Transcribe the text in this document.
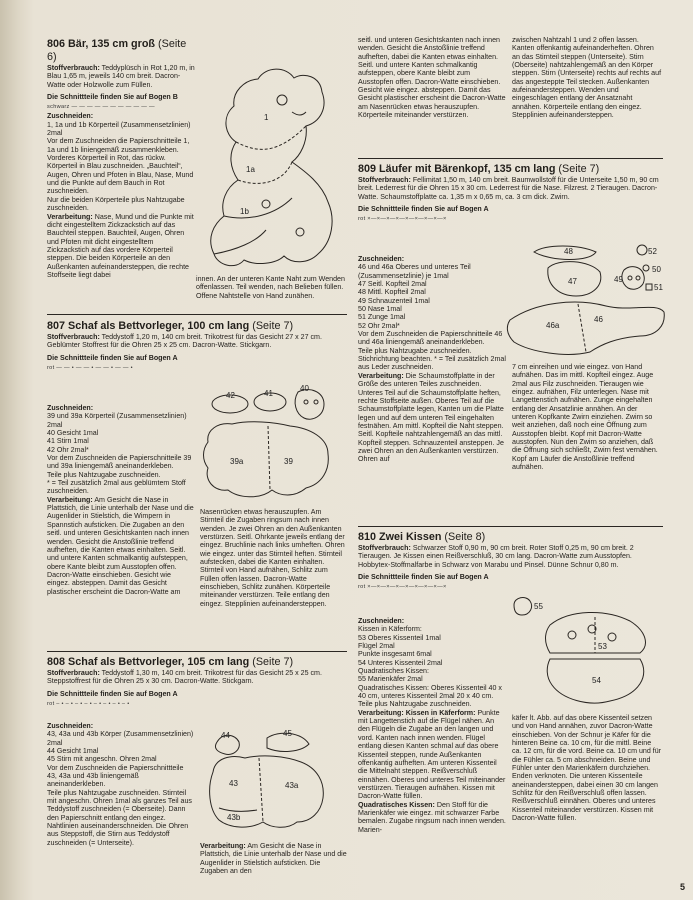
806 Bär, 135 cm groß (Seite 6)

Stoffverbrauch: Teddyplüsch in Rot 1,20 m, in Blau 1,65 m, jeweils 140 cm breit. Dacron-Watte oder Holzwolle zum Füllen.

Die Schnittteile finden Sie auf Bogen B
schwarz — — — — — — — — — — —

Zuschneiden:

1, 1a und 1b Körperteil (Zusammensetzlinien) 2mal
Vor dem Zuschneiden die Papierschnitteile 1, 1a und 1b liniengemäß zusammenkleben.
Vorderes Körperteil in Rot, das rückw. Körperteil in Blau zuschneiden. „Bauchteil“, Augen, Ohren und Pfoten in Blau, Nase, Mund und die Punkte auf dem Bauch in Rot zuschneiden.
Nur die beiden Körperteile plus Nahtzugabe zuschneiden.

Verarbeitung: Nase, Mund und die Punkte mit dicht eingestelltem Zickzackstich auf das Bauchteil steppen. Bauchteil, Augen, Ohren und Pfoten mit dicht eingestelltem Zickzackstich auf das vordere Körperteil steppen. Die beiden Körperteile an den Außenkanten aufeinandersteppen, die rechte Stoffseite liegt dabei

1
1a
1b

innen. An der unteren Kante Naht zum Wenden offenlassen. Teil wenden, nach Belieben füllen. Offene Nahtstelle von Hand zunähen.

807 Schaf als Bettvorleger, 100 cm lang (Seite 7)

Stoffverbrauch: Teddystoff 1,20 m, 140 cm breit. Trikotrest für das Gesicht 27 x 27 cm. Geblümter Stoffrest für die Ohren 25 x 25 cm. Dacron-Watte. Stickgarn.

Die Schnittteile finden Sie auf Bogen A
rot — — • — — • — — • — — •

Zuschneiden:

39 und 39a Körperteil (Zusammensetzlinien) 2mal
40 Gesicht 1mal
41 Stirn 1mal
42 Ohr 2mal*
Vor dem Zuschneiden die Papierschnitteile 39 und 39a liniengemäß aneinanderkleben.
Teile plus Nahtzugabe zuschneiden.
* = Teil zusätzlich 2mal aus geblümtem Stoff zuschneiden.

Verarbeitung: Am Gesicht die Nase in Plattstich, die Linie unterhalb der Nase und die Augenlider in Stielstich, die Wimpern in Spannstich aufsticken. Die Zugaben an den seitl. und unteren Gesichtskanten nach innen wenden. Gesicht die Anstoßlinie treffend aufheften, die Kanten etwas einhalten. Seitl. und untere Kanten schmalkantig aufsteppen, obere Kante bleibt zum Ausstopfen offen. Dacron-Watte einschieben. Gesicht wie eingez. absteppen. Damit das Gesicht plastischer erscheint die Dacron-Watte am

42	41
40
39a	39

Nasenrücken etwas herauszupfen. Am Stirnteil die Zugaben ringsum nach innen wenden. Je zwei Ohren an den Außenkanten verstürzen. Seitl. Ohrkante jeweils entlang der eingez. Bruchlinie nach links umheften. Ohren wie eingez. unter das Stirnteil heften. Stirnteil aufstecken, dabei die Kanten einhalten. Stirnteil von Hand aufnähen, Schlitz zum Füllen offen lassen. Dacron-Watte einschieben, Schlitz zunähen. Körperteile miteinander verstürzen. Teile entlang den eingez. Stepplinien aufeinandersteppen.

808 Schaf als Bettvorleger, 105 cm lang (Seite 7)

Stoffverbrauch: Teddystoff 1,30 m, 140 cm breit. Trikotrest für das Gesicht 25 x 25 cm. Steppstoffrest für die Ohren 25 x 30 cm. Dacron-Watte. Stickgarn.

Die Schnittteile finden Sie auf Bogen A
rot ‒ • ‒ • ‒ • ‒ • ‒ • ‒ • ‒ • ‒ •

Zuschneiden:

43, 43a und 43b Körper (Zusammensetzlinien) 2mal
44 Gesicht 1mal
45 Stirn mit angeschn. Ohren 2mal
Vor dem Zuschneiden die Papierschnittteile 43, 43a und 43b liniengemäß aneinanderkleben.
Teile plus Nahtzugabe zuschneiden. Stirnteil mit angeschn. Ohren 1mal als ganzes Teil aus Teddystoff zuschneiden (= Oberseite). Dann den Papierschnitt entlang den eingez. Nahtlinien auseinanderschneiden. Die Ohren aus Steppstoff, die Stirn aus Teddystoff zuschneiden (= Unterseite).

44	45
43	43a
43b

Verarbeitung: Am Gesicht die Nase in Plattstich, die Linie unterhalb der Nase und die Augenlider in Stielstich aufsticken. Die Zugaben an den

seitl. und unteren Gesichtskanten nach innen wenden. Gesicht die Anstoßlinie treffend aufheften, dabei die Kanten etwas einhalten. Seitl. und untere Kanten schmalkantig aufsteppen, obere Kante bleibt zum Ausstopfen offen. Dacron-Watte einschieben. Gesicht wie eingez. absteppen. Damit das Gesicht plastischer erscheint die Dacron-Watte am Nasenrücken etwas herauszupfen. Körperteile miteinander verstürzen.

zwischen Nahtzahl 1 und 2 offen lassen. Kanten offenkantig aufeinanderheften. Ohren an das Stirnteil steppen (Unterseite). Stirn (Oberseite) nahtzahlengemäß an den Körper steppen. Stirn (Unterseite) rechts auf rechts auf das angesteppte Teil stecken. Außenkanten aufeinandersteppen. Wenden und eingeschlagen entlang der Ansatznaht annähen. Körperteile entlang den eingez. Stepplinien aufeinandersteppen.

809 Läufer mit Bärenkopf, 135 cm lang (Seite 7)

Stoffverbrauch: Fellimitat 1,50 m, 140 cm breit. Baumwollstoff für die Unterseite 1,50 m, 90 cm breit. Lederrest für die Ohren 15 x 30 cm. Lederrest für die Nase. Filzrest. 2 Tieraugen. Dacron-Watte. Schaumstoffplatte ca. 1,35 m x 0,65 m, ca. 3 cm dick. Zwirn.

Die Schnittteile finden Sie auf Bogen A
rot ×—×—×—×—×—×—×—×—×

Zuschneiden:

46 und 46a Oberes und unteres Teil (Zusammensetzlinie) je 1mal
47 Seitl. Kopfteil 2mal
48 Mittl. Kopfteil 2mal
49 Schnauzenteil 1mal
50 Nase 1mal
51 Zunge 1mal
52 Ohr 2mal*
Vor dem Zuschneiden die Papierschnitteile 46 und 46a liniengemäß aneinanderkleben.
Teile plus Nahtzugabe zuschneiden. Stichrichtung beachten. * = Teil zusätzlich 2mal aus Leder zuschneiden.

Verarbeitung: Die Schaumstoffplatte in der Größe des unteren Teiles zuschneiden. Unteres Teil auf die Schaumstoffplatte heften, rechte Stoffseite außen. Oberes Teil auf die Schaumstoffplatte legen, Kanten um die Platte legen und auf dem unteren Teil eingehalten festnähen. Am mittl. Kopfteil die Naht steppen. Seitl. Kopfteile nahtzahlengemäß an das mittl. Kopfteil steppen. Schnauzenteil ansteppen. Je zwei Ohren an den Außenkanten verstürzen. Ohren auf

48	52
47	49
50
51
46a
46

7 cm einreihen und wie eingez. von Hand aufnähen. Das im mittl. Kopfteil eingez. Auge 2mal aus Filz zuschneiden. Tieraugen wie eingez. aufnähen, Filz unterlegen. Nase mit Langettenstich aufnähen. Zunge eingehalten entlang der Ansatzlinie annähen. An der unteren Kopfkante Zwirn einziehen. Zwirn so weit anziehen, daß noch eine Öffnung zum Ausstopfen bleibt. Kopf mit Dacron-Watte ausstopfen. Nun den Zwirn so anziehen, daß die Öffnung sich schließt, Zwirn fest vernähen. Kopf am Läufer die Anstoßlinie treffend aufnähen.

810 Zwei Kissen (Seite 8)

Stoffverbrauch: Schwarzer Stoff 0,90 m, 90 cm breit. Roter Stoff 0,25 m, 90 cm breit. 2 Tieraugen. Je Kissen einen Reißverschluß, 30 cm lang. Dacron-Watte zum Ausstopfen. Hobbytex-Stoffmalfarbe in Schwarz von Marabu und Pinsel. Dünne Schnur 0,80 m.

Die Schnittteile finden Sie auf Bogen A
rot ×—×—×—×—×—×—×—×—×

Zuschneiden:

Kissen in Käferform:
53 Oberes Kissenteil 1mal
Flügel 2mal
Punkte insgesamt 6mal
54 Unteres Kissenteil 2mal
Quadratisches Kissen:
55 Marienkäfer 2mal
Quadratisches Kissen: Oberes Kissenteil 40 x 40 cm, unteres Kissenteil 2mal 20 x 40 cm.
Teile plus Nahtzugabe zuschneiden.

Verarbeitung: Kissen in Käferform: Punkte mit Langettenstich auf die Flügel nähen. An den Flügeln die Zugabe an den langen und vord. Kanten nach innen wenden. Flügel entlang diesen Kanten schmal auf das obere Kissenteil steppen, runde Außenkanten offenkantig aufheften. Am unteren Kissenteil die Mittelnaht steppen. Reißverschluß einnähen. Oberes und unteres Teil miteinander verstürzen. Tieraugen aufnähen. Kissen mit Dacron-Watte füllen.

Quadratisches Kissen: Den Stoff für die Marienkäfer wie eingez. mit schwarzer Farbe bemalen. Zugabe ringsum nach innen wenden. Marien-

55
53
54

käfer lt. Abb. auf das obere Kissenteil setzen und von Hand annähen, zuvor Dacron-Watte einschieben. Von der Schnur je Käfer für die hinteren Beine ca. 10 cm, für die mittl. Beine ca. 12 cm, für die vord. Beine ca. 10 cm und für die Fühler ca. 5 cm abschneiden. Beine und Fühler unter den Marienkäfern durchziehen. Enden verknoten. Die unteren Kissenteile aneinandersteppen, dabei einen 30 cm langen Schlitz für den Reißverschluß offen lassen. Reißverschluß einnähen. Oberes und unteres Kissenteil miteinander verstürzen. Kissen mit Dacron-Watte füllen.

5
